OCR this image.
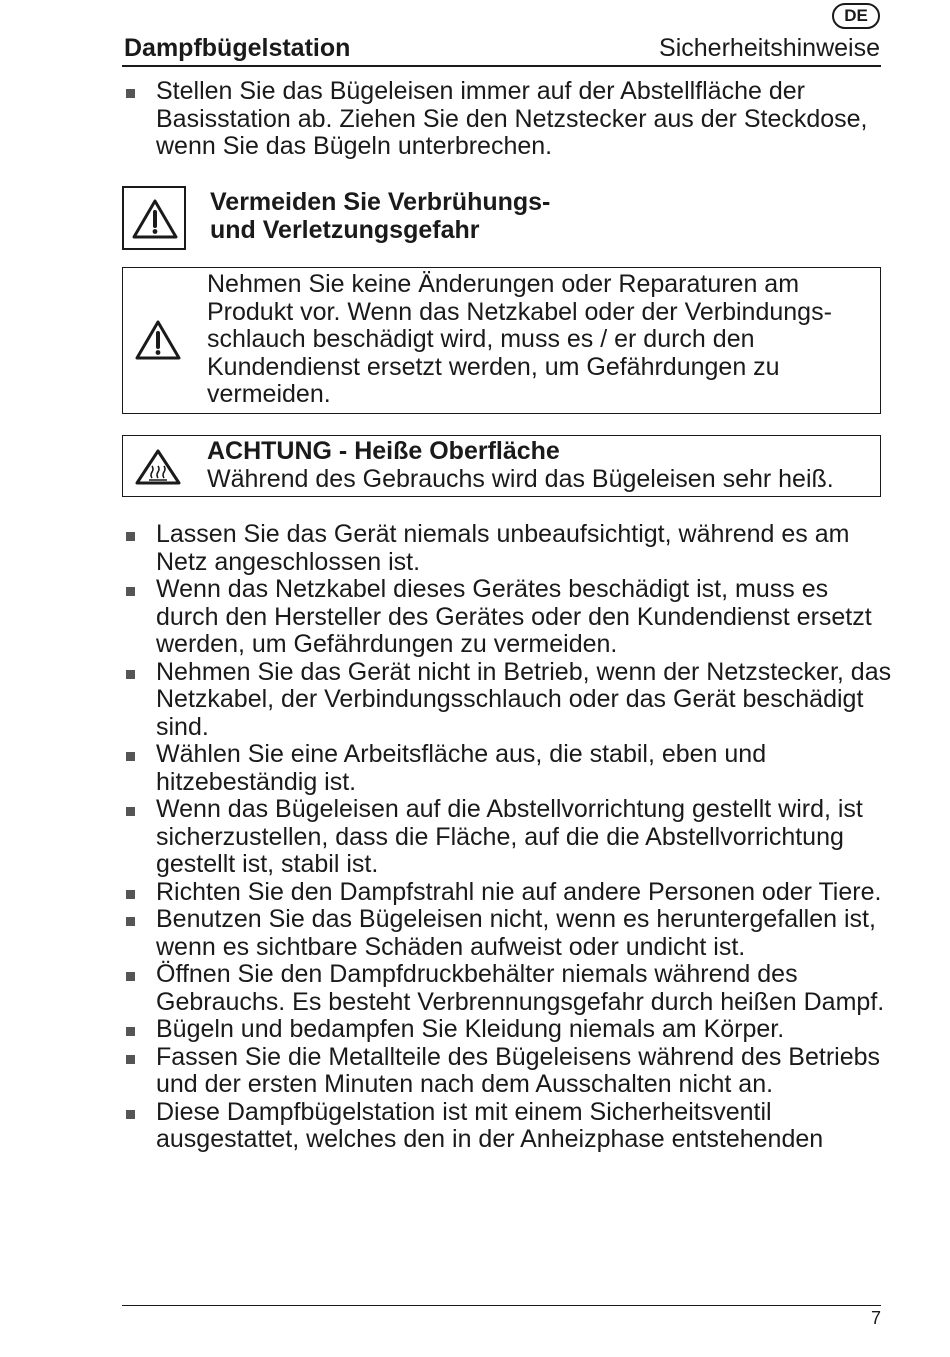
DE
Dampfbügelstation	Sicherheitshinweise
Stellen Sie das Bügeleisen immer auf der Abstellfläche der Basisstation ab. Ziehen Sie den Netzstecker aus der Steckdose, wenn Sie das Bügeln unterbrechen.
Vermeiden Sie Verbrühungs-
und Verletzungsgefahr
Nehmen Sie keine Änderungen oder Reparaturen am Produkt vor. Wenn das Netzkabel oder der Verbindungsschlauch beschädigt wird, muss es / er durch den Kundendienst ersetzt werden, um Gefährdungen zu vermeiden.
ACHTUNG - Heiße Oberfläche
Während des Gebrauchs wird das Bügeleisen sehr heiß.
Lassen Sie das Gerät niemals unbeaufsichtigt, während es am Netz angeschlossen ist.
Wenn das Netzkabel dieses Gerätes beschädigt ist, muss es durch den Hersteller des Gerätes oder den Kundendienst ersetzt werden, um Gefährdungen zu vermeiden.
Nehmen Sie das Gerät nicht in Betrieb, wenn der Netzstecker, das Netzkabel, der Verbindungsschlauch oder das Gerät beschädigt sind.
Wählen Sie eine Arbeitsfläche aus, die stabil, eben und hitzebeständig ist.
Wenn das Bügeleisen auf die Abstellvorrichtung gestellt wird, ist sicherzustellen, dass die Fläche, auf die die Abstellvorrichtung gestellt ist, stabil ist.
Richten Sie den Dampfstrahl nie auf andere Personen oder Tiere.
Benutzen Sie das Bügeleisen nicht, wenn es heruntergefallen ist, wenn es sichtbare Schäden aufweist oder undicht ist.
Öffnen Sie den Dampfdruckbehälter niemals während des Gebrauchs. Es besteht Verbrennungsgefahr durch heißen Dampf.
Bügeln und bedampfen Sie Kleidung niemals am Körper.
Fassen Sie die Metallteile des Bügeleisens während des Betriebs und der ersten Minuten nach dem Ausschalten nicht an.
Diese Dampfbügelstation ist mit einem Sicherheitsventil ausgestattet, welches den in der Anheizphase entstehenden
7
